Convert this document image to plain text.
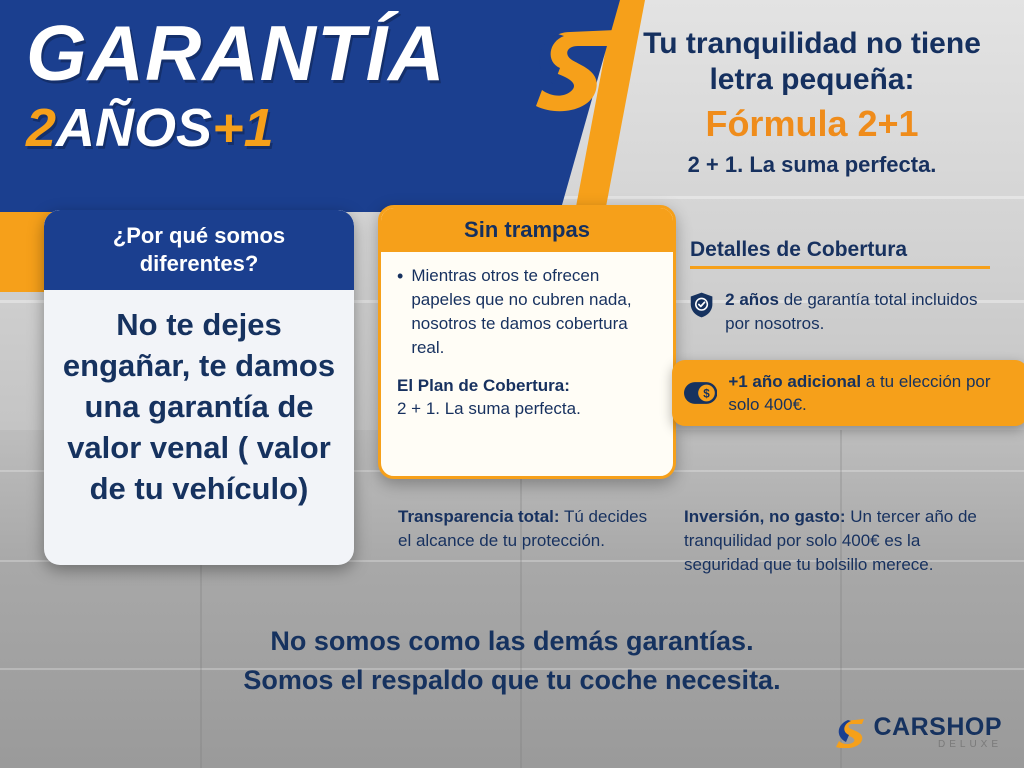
GARANTÍA
2AÑOS+1
Tu tranquilidad no tiene letra pequeña:
Fórmula 2+1
2 + 1. La suma perfecta.
¿Por qué somos diferentes?
No te dejes engañar, te damos una garantía de valor venal ( valor de tu vehículo)
Sin trampas
• Mientras otros te ofrecen papeles que no cubren nada, nosotros te damos cobertura real.
El Plan de Cobertura:
2 + 1. La suma perfecta.
Detalles de Cobertura
2 años de garantía total incluidos por nosotros.
$
+1 año adicional a tu elección por solo 400€.
Transparencia total: Tú decides el alcance de tu protección.
Inversión, no gasto: Un tercer año de tranquilidad por solo 400€ es la seguridad que tu bolsillo merece.
No somos como las demás garantías.
Somos el respaldo que tu coche necesita.
CARSHOP
DELUXE
